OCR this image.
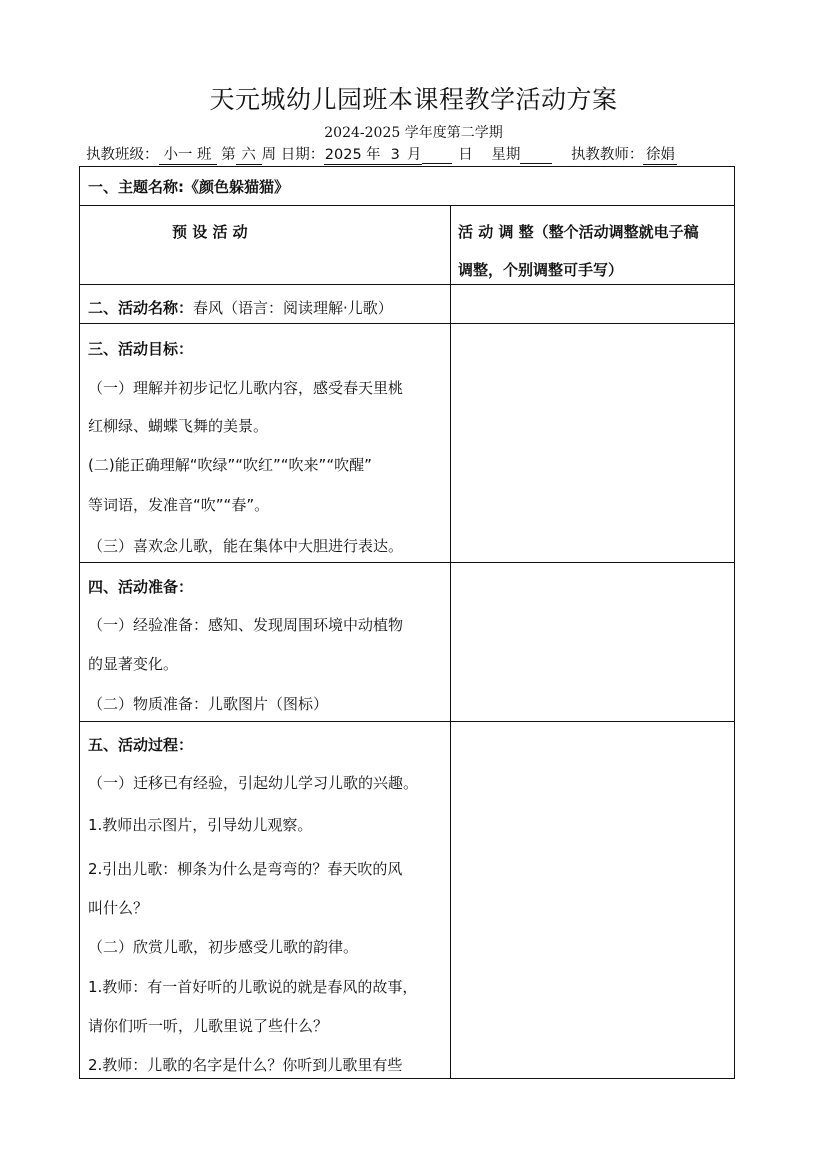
天元城幼儿园班本课程教学活动方案
2024-2025 学年度第二学期
执教班级： 小一 班 第 六 周 日期：2025 年 3 月	日 星期	执教教师： 徐娟
一、主题名称:《颜色躲猫猫》
预 设 活 动	活 动 调 整（整个活动调整就电子稿
调整，个别调整可手写）
二、活动名称：春风（语言：阅读理解·儿歌）
三、活动目标：
（一）理解并初步记忆儿歌内容，感受春天里桃
红柳绿、蝴蝶飞舞的美景。
(二)能正确理解“吹绿”“吹红”“吹来”“吹醒”
等词语，发准音“吹”“春”。
（三）喜欢念儿歌，能在集体中大胆进行表达。
四、活动准备：
（一）经验准备：感知、发现周围环境中动植物
的显著变化。
（二）物质准备：儿歌图片（图标）
五、活动过程：
（一）迁移已有经验，引起幼儿学习儿歌的兴趣。
1.教师出示图片，引导幼儿观察。
2.引出儿歌：柳条为什么是弯弯的？春天吹的风
叫什么？
（二）欣赏儿歌，初步感受儿歌的韵律。
1.教师：有一首好听的儿歌说的就是春风的故事，
请你们听一听，儿歌里说了些什么？
2.教师：儿歌的名字是什么？你听到儿歌里有些
